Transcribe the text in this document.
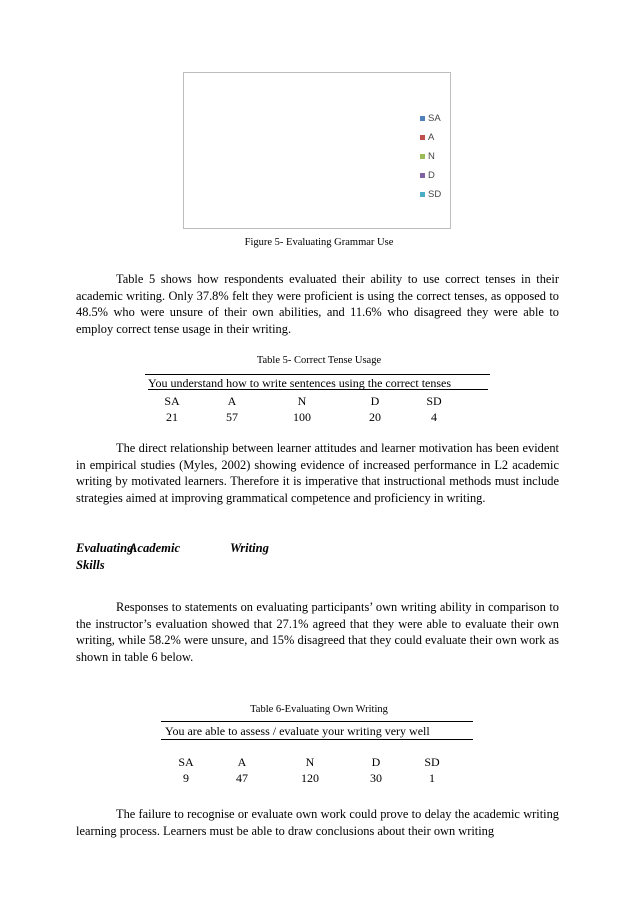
SA
A
N
D
SD
Figure 5- Evaluating Grammar Use
Table 5 shows how respondents evaluated their ability to use correct tenses in their academic writing. Only 37.8% felt they were proficient is using the correct tenses, as opposed to 48.5% who were unsure of their own abilities, and 11.6% who disagreed they were able to employ correct tense usage in their writing.
Table 5- Correct Tense Usage
You understand how to write sentences using the correct tenses
SA	A	N	D	SD
21	57	100	20	4
The direct relationship between learner attitudes and learner motivation has been evident in empirical studies (Myles, 2002) showing evidence of increased performance in L2 academic writing by motivated learners. Therefore it is imperative that instructional methods must include strategies aimed at improving grammatical competence and proficiency in writing.
Evaluating
Academic	Writing
Skills
Responses to statements on evaluating participants’ own writing ability in comparison to the instructor’s evaluation showed that 27.1% agreed that they were able to evaluate their own writing, while 58.2% were unsure, and 15% disagreed that they could evaluate their own work as shown in table 6 below.
Table 6-Evaluating Own Writing
You are able to assess / evaluate your writing very well
SA	A	N	D	SD
9	47	120	30	1
The failure to recognise or evaluate own work could prove to delay the academic writing learning process. Learners must be able to draw conclusions about their own writing
